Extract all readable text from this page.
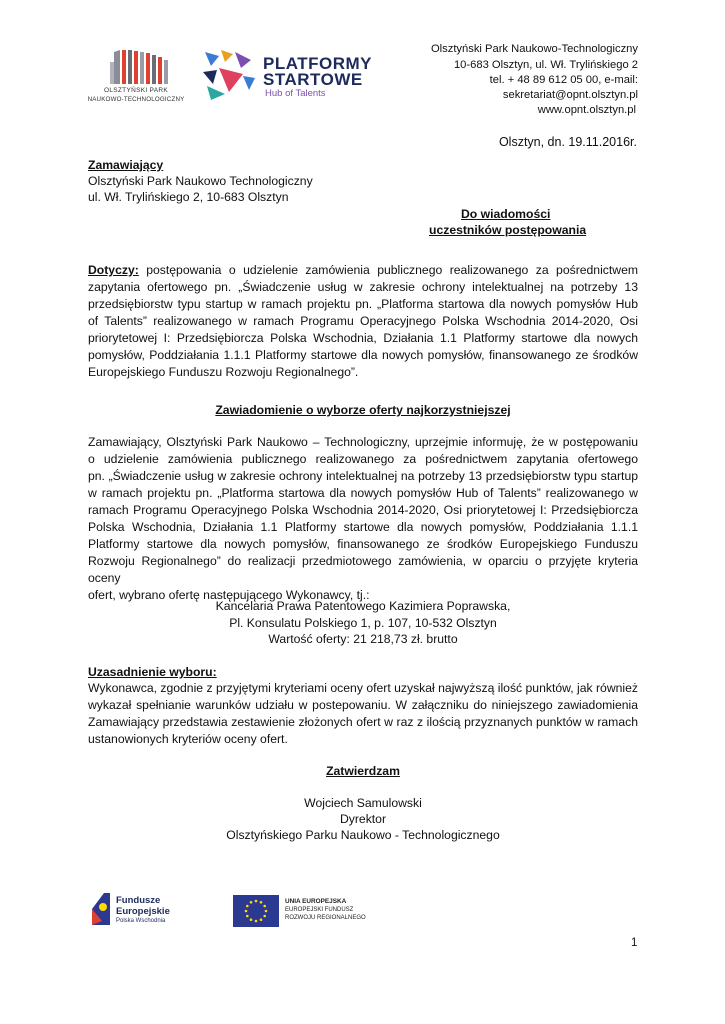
OLSZTYŃSKI PARK
NAUKOWO-TECHNOLOGICZNY
PLATFORMY
STARTOWE
Hub of Talents
Olsztyński Park Naukowo-Technologiczny
10-683 Olsztyn, ul. Wł. Trylińskiego 2
tel. + 48 89 612 05 00, e-mail:
sekretariat@opnt.olsztyn.pl
www.opnt.olsztyn.pl
Olsztyn, dn. 19.11.2016r.
Zamawiający
Olsztyński Park Naukowo Technologiczny
ul. Wł. Trylińskiego 2, 10-683 Olsztyn
Do wiadomości
uczestników postępowania
Dotyczy: postępowania o udzielenie zamówienia publicznego realizowanego za pośrednictwem
zapytania ofertowego pn. „Świadczenie usług w zakresie ochrony intelektualnej na potrzeby 13
przedsiębiorstw typu startup w ramach projektu pn. „Platforma startowa dla nowych pomysłów Hub
of Talents” realizowanego w ramach Programu Operacyjnego Polska Wschodnia 2014-2020, Osi
priorytetowej I: Przedsiębiorcza Polska Wschodnia, Działania 1.1 Platformy startowe dla nowych
pomysłów, Poddziałania 1.1.1 Platformy startowe dla nowych pomysłów, finansowanego ze środków
Europejskiego Funduszu Rozwoju Regionalnego”.
Zawiadomienie o wyborze oferty najkorzystniejszej
Zamawiający, Olsztyński Park Naukowo – Technologiczny, uprzejmie informuję, że w postępowaniu
o udzielenie zamówienia publicznego realizowanego za pośrednictwem zapytania ofertowego
pn. „Świadczenie usług w zakresie ochrony intelektualnej na potrzeby 13 przedsiębiorstw typu startup
w ramach projektu pn. „Platforma startowa dla nowych pomysłów Hub of Talents” realizowanego w
ramach Programu Operacyjnego Polska Wschodnia 2014-2020, Osi priorytetowej I: Przedsiębiorcza
Polska Wschodnia, Działania 1.1 Platformy startowe dla nowych pomysłów, Poddziałania 1.1.1
Platformy startowe dla nowych pomysłów, finansowanego ze środków Europejskiego Funduszu
Rozwoju Regionalnego” do realizacji przedmiotowego zamówienia, w oparciu o przyjęte kryteria oceny
ofert, wybrano ofertę następującego Wykonawcy, tj.:
Kancelaria Prawa Patentowego Kazimiera Poprawska,
Pl. Konsulatu Polskiego 1, p. 107, 10-532 Olsztyn
Wartość oferty: 21 218,73 zł. brutto
Uzasadnienie wyboru:
Wykonawca, zgodnie z przyjętymi kryteriami oceny ofert uzyskał najwyższą ilość punktów, jak również
wykazał spełnianie warunków udziału w postepowaniu. W załączniku do niniejszego zawiadomienia
Zamawiający przedstawia zestawienie złożonych ofert w raz z ilością przyznanych punktów w ramach
ustanowionych kryteriów oceny ofert.
Zatwierdzam
Wojciech Samulowski
Dyrektor
Olsztyńskiego Parku Naukowo - Technologicznego
Fundusze
Europejskie
Polska Wschodnia
UNIA EUROPEJSKA
EUROPEJSKI FUNDUSZ
ROZWOJU REGIONALNEGO
1
